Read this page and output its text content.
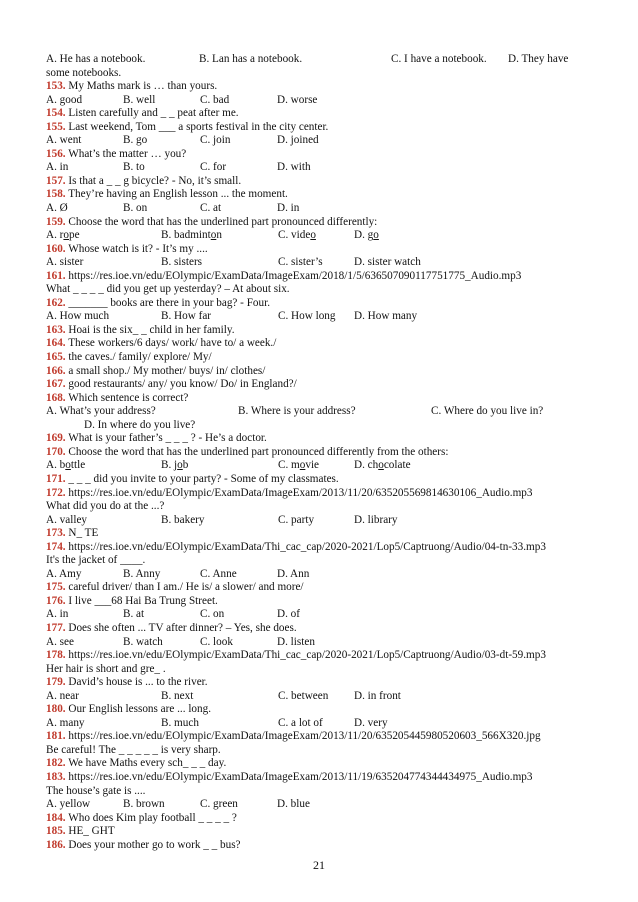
A. He has a notebook.	B. Lan has a notebook.	C. I have a notebook. D. They have
some notebooks.
153. My Maths mark is … than yours.
A. good	B. well	C. bad	D. worse
154. Listen carefully and _ _ peat after me.
155. Last weekend, Tom ___ a sports festival in the city center.
A. went	B. go	C. join	D. joined
156. What’s the matter … you?
A. in	B. to	C. for	D. with
157. Is that a _ _ g bicycle? - No, it’s small.
158. They’re having an English lesson ... the moment.
A. Ø	B. on	C. at	D. in
159. Choose the word that has the underlined part pronounced differently:
A. rope	B. badminton	C. video	D. go
160. Whose watch is it? - It’s my ....
A. sister	B. sisters	C. sister’s	D. sister watch
161. https://res.ioe.vn/edu/EOlympic/ExamData/ImageExam/2018/1/5/636507090117751775_Audio.mp3
What _ _ _ _ did you get up yesterday? – At about six.
162. _______ books are there in your bag? - Four.
A. How much	B. How far	C. How long D. How many
163. Hoai is the six_ _ child in her family.
164. These workers/6 days/ work/ have to/ a week./
165. the caves./ family/ explore/ My/
166. a small shop./ My mother/ buys/ in/ clothes/
167. good restaurants/ any/ you know/ Do/ in England?/
168. Which sentence is correct?
A. What’s your address?	B. Where is your address?	C. Where do you live in?
D. In where do you live?
169. What is your father’s _ _ _ ? - He’s a doctor.
170. Choose the word that has the underlined part pronounced differently from the others:
A. bottle	B. job	C. movie	D. chocolate
171. _ _ _ did you invite to your party? - Some of my classmates.
172. https://res.ioe.vn/edu/EOlympic/ExamData/ImageExam/2013/11/20/635205569814630106_Audio.mp3
What did you do at the ...?
A. valley	B. bakery	C. party	D. library
173. N_ TE
174. https://res.ioe.vn/edu/EOlympic/ExamData/Thi_cac_cap/2020-2021/Lop5/Captruong/Audio/04-tn-33.mp3
It's the jacket of ____.
A. Amy	B. Anny	C. Anne	D. Ann
175. careful driver/ than I am./ He is/ a slower/ and more/
176. I live ___68 Hai Ba Trung Street.
A. in	B. at	C. on	D. of
177. Does she often ... TV after dinner? – Yes, she does.
A. see	B. watch	C. look	D. listen
178. https://res.ioe.vn/edu/EOlympic/ExamData/Thi_cac_cap/2020-2021/Lop5/Captruong/Audio/03-dt-59.mp3
Her hair is short and gre_ .
179. David’s house is ... to the river.
A. near	B. next	C. between D. in front
180. Our English lessons are ... long.
A. many	B. much	C. a lot of	D. very
181. https://res.ioe.vn/edu/EOlympic/ExamData/ImageExam/2013/11/20/635205445980520603_566X320.jpg
Be careful! The _ _ _ _ _ is very sharp.
182. We have Maths every sch_ _ _ day.
183. https://res.ioe.vn/edu/EOlympic/ExamData/ImageExam/2013/11/19/635204774344434975_Audio.mp3
The house’s gate is ....
A. yellow	B. brown	C. green	D. blue
184. Who does Kim play football _ _ _ _ ?
185. HE_ GHT
186. Does your mother go to work _ _ bus?
21
